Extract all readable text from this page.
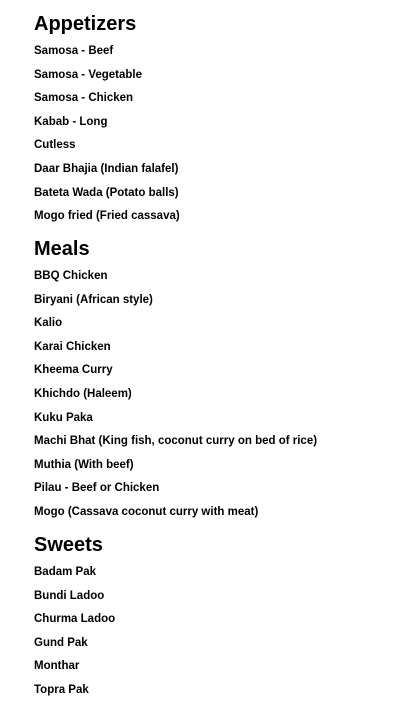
Appetizers
Samosa - Beef
Samosa - Vegetable
Samosa - Chicken
Kabab - Long
Cutless
Daar Bhajia (Indian falafel)
Bateta Wada (Potato balls)
Mogo fried (Fried cassava)
Meals
BBQ Chicken
Biryani (African style)
Kalio
Karai Chicken
Kheema Curry
Khichdo (Haleem)
Kuku Paka
Machi Bhat (King fish, coconut curry on bed of rice)
Muthia (With beef)
Pilau - Beef or Chicken
Mogo (Cassava coconut curry with meat)
Sweets
Badam Pak
Bundi Ladoo
Churma Ladoo
Gund Pak
Monthar
Topra Pak
